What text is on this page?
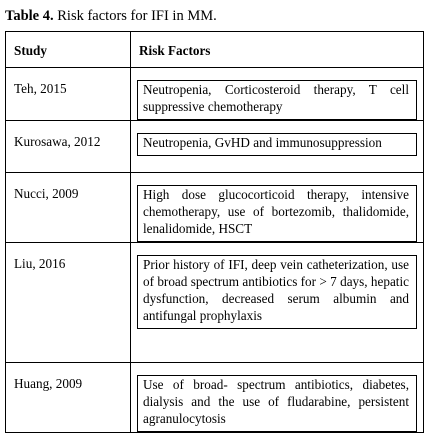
Table 4. Risk factors for IFI in MM.
Study	Risk Factors

Teh, 2015	Neutropenia, Corticosteroid therapy, T cell suppressive chemotherapy

Kurosawa, 2012	Neutropenia, GvHD and immunosuppression

Nucci, 2009	High dose glucocorticoid therapy, intensive chemotherapy, use of bortezomib, thalidomide, lenalidomide, HSCT

Liu, 2016	Prior history of IFI, deep vein catheterization, use of broad spectrum antibiotics for > 7 days, hepatic dysfunction, decreased serum albumin and antifungal prophylaxis

Huang, 2009	Use of broad- spectrum antibiotics, diabetes, dialysis and the use of fludarabine, persistent agranulocytosis
